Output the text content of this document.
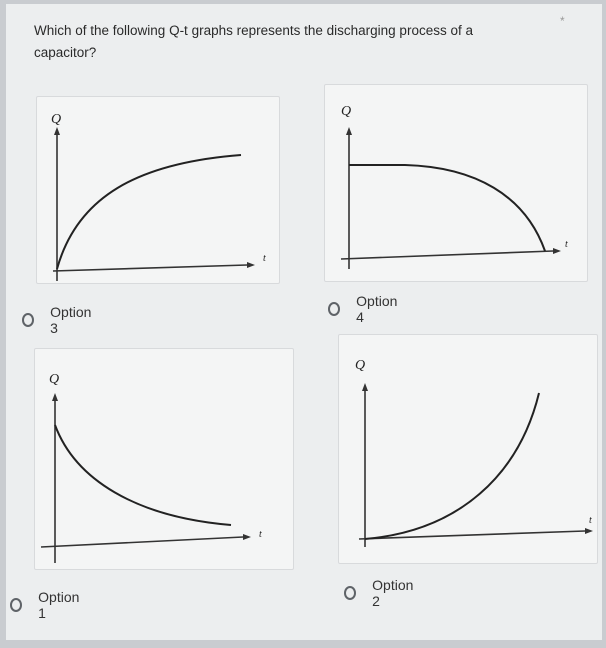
Which of the following Q-t graphs represents the discharging process of a capacitor?
*
Q
t
Option 3
Q
t
Option 4
Q
t
Option 1
Q
t
Option 2
